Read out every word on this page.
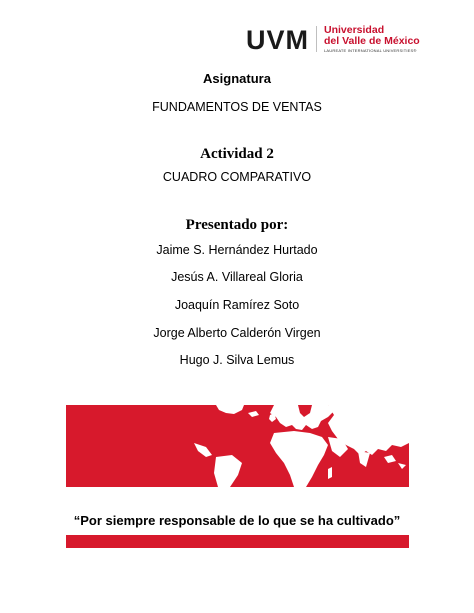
UVM Universidad
del Valle de México
LAUREATE INTERNATIONAL UNIVERSITIES®
Asignatura
FUNDAMENTOS DE VENTAS
Actividad 2
CUADRO COMPARATIVO
Presentado por:
Jaime S. Hernández Hurtado
Jesús A. Villareal Gloria
Joaquín Ramírez Soto
Jorge Alberto Calderón Virgen
Hugo J. Silva Lemus
“Por siempre responsable de lo que se ha cultivado”
